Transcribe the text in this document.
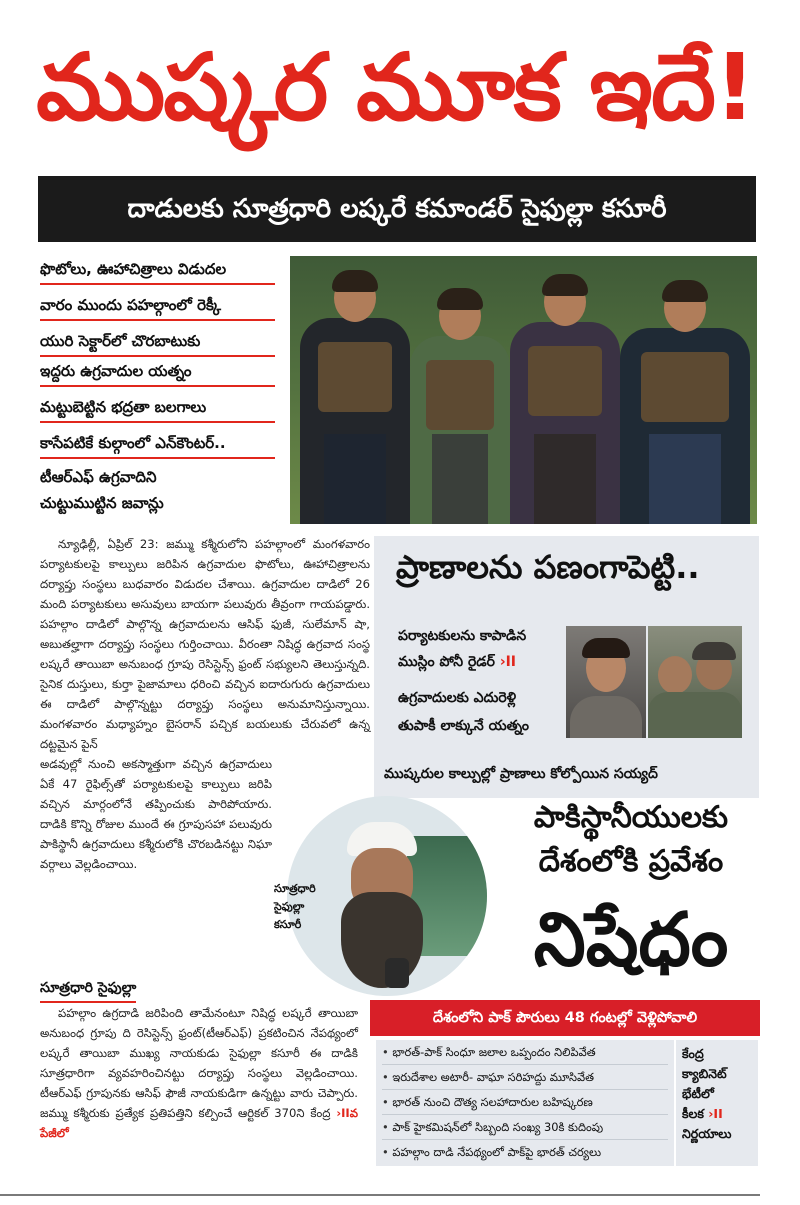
ముష్కర మూక ఇదే!
దాడులకు సూత్రధారి లష్కరే కమాండర్ సైఫుల్లా కసూరీ
ఫొటోలు, ఊహాచిత్రాలు విడుదల
వారం ముందు పహల్గాంలో రెక్కీ
యురి సెక్టార్‌లో చొరబాటుకు
ఇద్దరు ఉగ్రవాదుల యత్నం
మట్టుబెట్టిన భద్రతా బలగాలు
కాసేపటికే కుల్గాంలో ఎన్‌కౌంటర్..
టీఆర్‌ఎఫ్ ఉగ్రవాదిని
చుట్టుముట్టిన జవాన్లు

న్యూఢిల్లీ, ఏప్రిల్ 23: జమ్ము కశ్మీరులోని పహల్గాంలో మంగళవారం పర్యాటకులపై కాల్పులు జరిపిన ఉగ్రవాదుల ఫొటోలు, ఊహాచిత్రాలను దర్యాప్తు సంస్థలు బుధవారం విడుదల చేశాయి. ఉగ్రవాదుల దాడిలో 26 మంది పర్యాటకులు అసువులు బాయగా పలువురు తీవ్రంగా గాయపడ్డారు. పహల్గాం దాడిలో పాల్గొన్న ఉగ్రవాదులను ఆసిఫ్ ఫుజీ, సులేమాన్ షా, అబుతల్హాగా దర్యాప్తు సంస్థలు గుర్తించాయి. వీరంతా నిషిద్ధ ఉగ్రవాద సంస్థ లష్కరే తాయిబా అనుబంధ గ్రూపు రెసిస్టెన్స్ ఫ్రంట్ సభ్యులని తెలుస్తున్నది. సైనిక దుస్తులు, కుర్తా పైజామాలు ధరించి వచ్చిన ఐదారుగురు ఉగ్రవాదులు ఈ దాడిలో పాల్గొన్నట్టు దర్యాప్తు సంస్థలు అనుమానిస్తున్నాయి. మంగళవారం మధ్యాహ్నం బైసరాన్ పచ్చిక బయలుకు చేరువలో ఉన్న దట్టమైన పైన్

అడవుల్లో నుంచి అకస్మాత్తుగా వచ్చిన ఉగ్రవాదులు ఏకే 47 రైఫిల్స్‌తో పర్యాటకులపై కాల్పులు జరిపి వచ్చిన మార్గంలోనే తప్పించుకు పారిపోయారు. దాడికి కొన్ని రోజుల ముందే ఈ గ్రూపుసహా పలువురు పాకిస్థానీ ఉగ్రవాదులు కశ్మీరులోకి చొరబడినట్టు నిఘా వర్గాలు వెల్లడించాయి.

సూత్రధారి సైఫుల్లా

పహల్గాం ఉగ్రదాడి జరిపింది తామేనంటూ నిషిద్ధ లష్కరే తాయిబా అనుబంధ గ్రూపు ది రెసిస్టెన్స్ ఫ్రంట్(టీఆర్‌ఎఫ్) ప్రకటించిన నేపథ్యంలో లష్కరే తాయిబా ముఖ్య నాయకుడు సైఫుల్లా కసూరీ ఈ దాడికి సూత్రధారిగా వ్యవహరించినట్టు దర్యాప్తు సంస్థలు వెల్లడించాయి. టీఆర్‌ఎఫ్ గ్రూపునకు ఆసిఫ్ ఫౌజీ నాయకుడిగా ఉన్నట్టు వారు చెప్పారు. జమ్ము కశ్మీరుకు ప్రత్యేక ప్రతిపత్తిని కల్పించే ఆర్టికల్ 370ని కేంద్ర ›IIవ పేజీలో

ప్రాణాలను పణంగాపెట్టి..
పర్యాటకులను కాపాడిన
ముస్లిం పోనీ రైడర్ ›II
ఉగ్రవాదులకు ఎదురెళ్లి
తుపాకీ లాక్కునే యత్నం
ముష్కరుల కాల్పుల్లో ప్రాణాలు కోల్పోయిన సయ్యద్
పాకిస్థానీయులకు
దేశంలోకి ప్రవేశం
నిషేధం
సూత్రధారి
సైఫుల్లా
కసూరీ
దేశంలోని పాక్ పౌరులు 48 గంటల్లో వెళ్లిపోవాలి
• భారత్-పాక్ సింధూ జలాల ఒప్పందం నిలిపివేత
• ఇరుదేశాల అటారీ- వాఘా సరిహద్దు మూసివేత
• భారత్ నుంచి దౌత్య సలహాదారుల బహిష్కరణ
• పాక్ హైకమిషన్‌లో సిబ్బంది సంఖ్య 30కి కుదింపు
• పహల్గాం దాడి నేపథ్యంలో పాక్‌పై భారత్ చర్యలు
కేంద్ర
క్యాబినెట్
భేటీలో
కీలక ›II
నిర్ణయాలు
